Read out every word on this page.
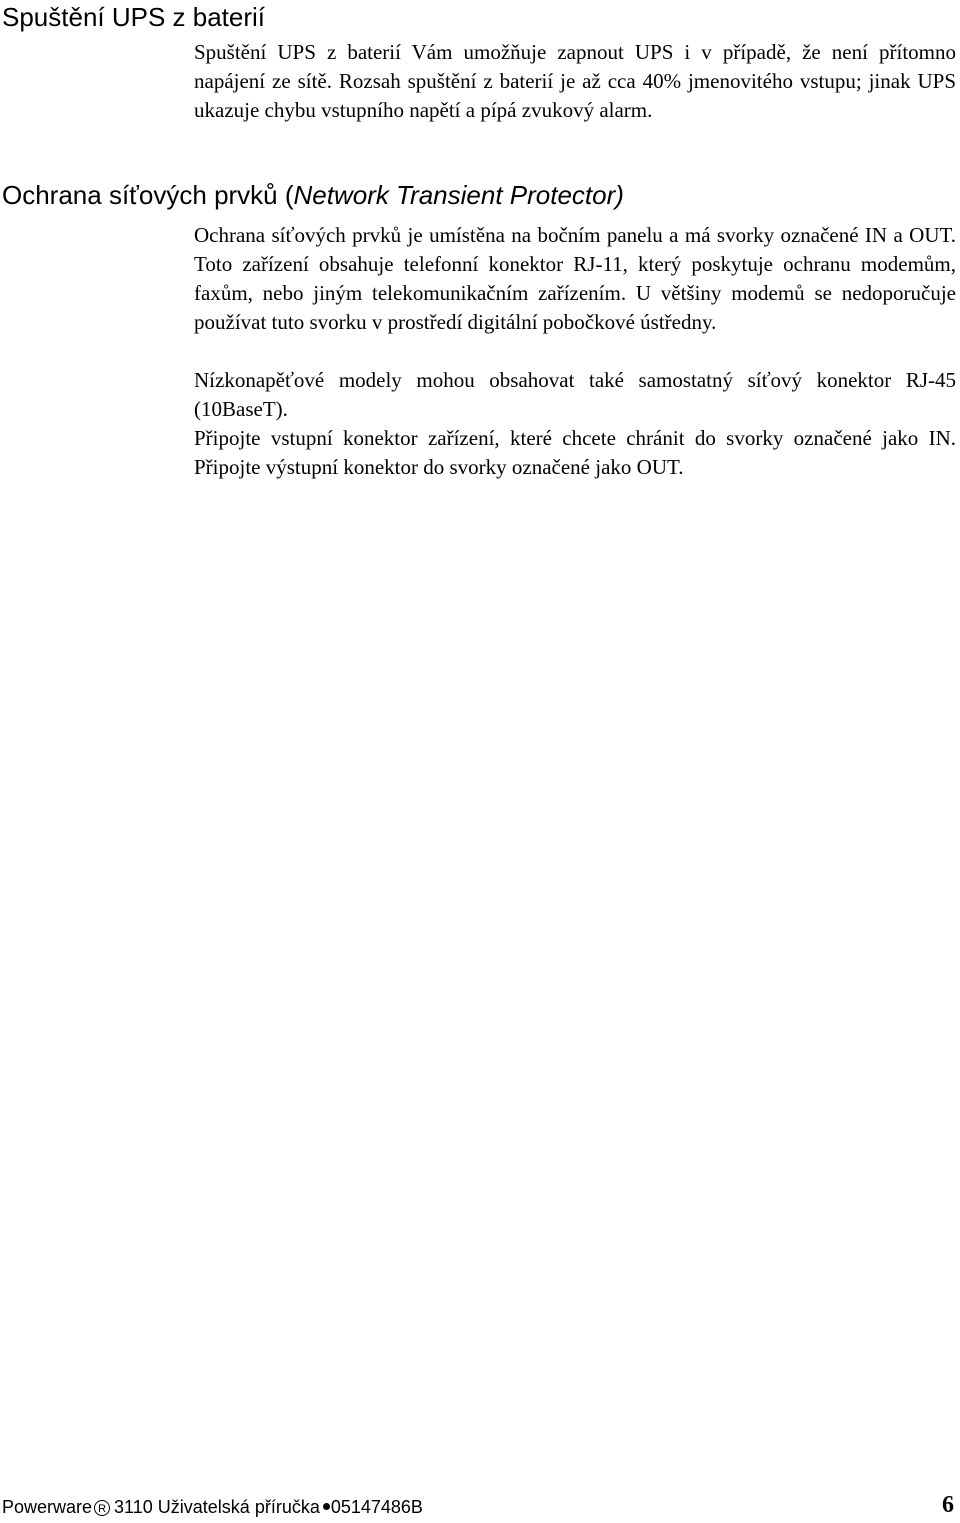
Spuštění UPS z baterií

Spuštění UPS z baterií Vám umožňuje zapnout UPS i v případě, že není přítomno napájení ze sítě. Rozsah spuštění z baterií je až cca 40% jmenovitého vstupu; jinak UPS ukazuje chybu vstupního napětí a pípá zvukový alarm.

Ochrana síťových prvků (Network Transient Protector)

Ochrana síťových prvků je umístěna na bočním panelu a má svorky označené IN a OUT. Toto zařízení obsahuje telefonní konektor RJ-11, který poskytuje ochranu modemům, faxům, nebo jiným telekomunikačním zařízením. U většiny modemů se nedoporučuje používat tuto svorku v prostředí digitální pobočkové ústředny.

Nízkonapěťové modely mohou obsahovat také samostatný síťový konektor RJ-45 (10BaseT).

Připojte vstupní konektor zařízení, které chcete chránit do svorky označené jako IN. Připojte výstupní konektor do svorky označené jako OUT.

Powerware R 3110 Uživatelská příručka 05147486B	6
